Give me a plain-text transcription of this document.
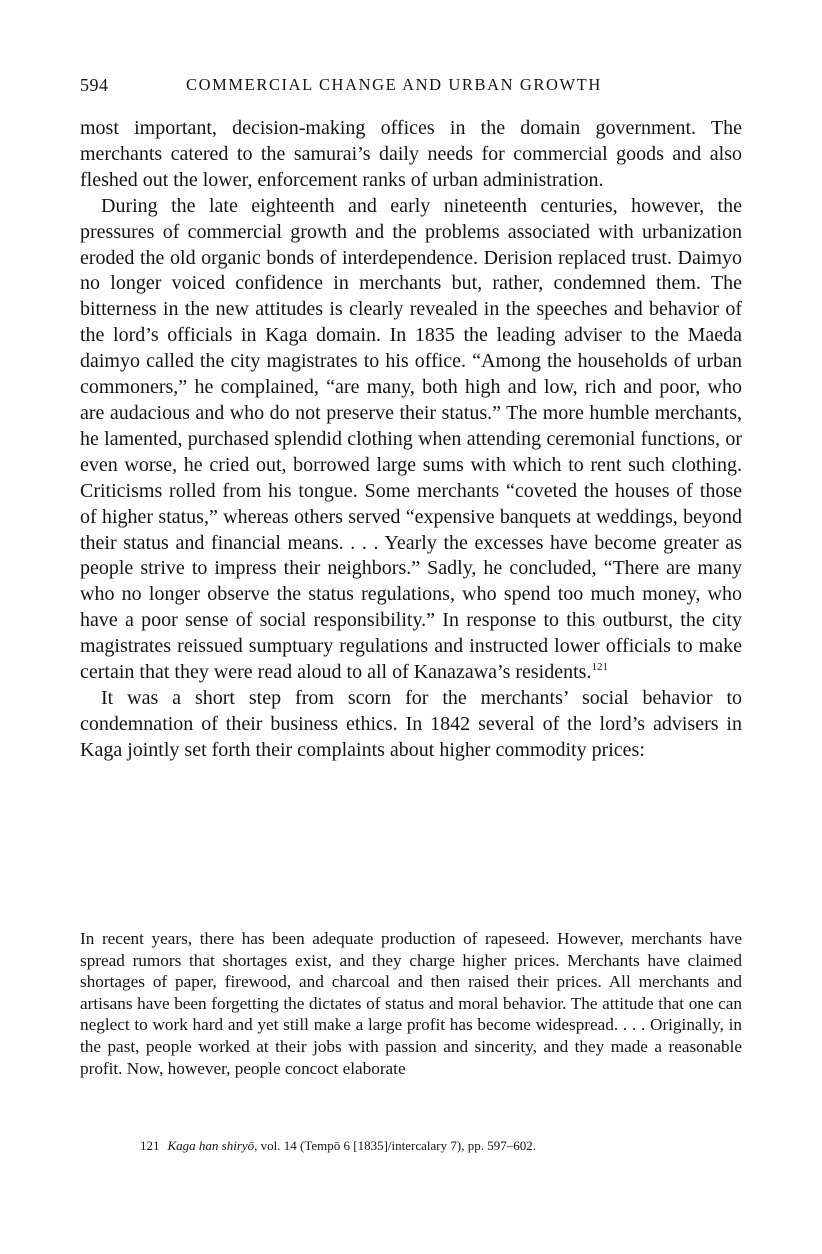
594	COMMERCIAL CHANGE AND URBAN GROWTH

most important, decision-making offices in the domain government. The merchants catered to the samurai’s daily needs for commercial goods and also fleshed out the lower, enforcement ranks of urban administration.

During the late eighteenth and early nineteenth centuries, however, the pressures of commercial growth and the problems associated with urbanization eroded the old organic bonds of interdependence. Derision replaced trust. Daimyo no longer voiced confidence in merchants but, rather, condemned them. The bitterness in the new attitudes is clearly revealed in the speeches and behavior of the lord’s officials in Kaga domain. In 1835 the leading adviser to the Maeda daimyo called the city magistrates to his office. “Among the households of urban commoners,” he complained, “are many, both high and low, rich and poor, who are audacious and who do not preserve their status.” The more humble merchants, he lamented, purchased splendid clothing when attending ceremonial functions, or even worse, he cried out, borrowed large sums with which to rent such clothing. Criticisms rolled from his tongue. Some merchants “coveted the houses of those of higher status,” whereas others served “expensive banquets at weddings, beyond their status and financial means. . . . Yearly the excesses have become greater as people strive to impress their neighbors.” Sadly, he concluded, “There are many who no longer observe the status regulations, who spend too much money, who have a poor sense of social responsibility.” In response to this outburst, the city magistrates reissued sumptuary regulations and instructed lower officials to make certain that they were read aloud to all of Kanazawa’s residents.$^{121}$

It was a short step from scorn for the merchants’ social behavior to condemnation of their business ethics. In 1842 several of the lord’s advisers in Kaga jointly set forth their complaints about higher commodity prices:

In recent years, there has been adequate production of rapeseed. However, merchants have spread rumors that shortages exist, and they charge higher prices. Merchants have claimed shortages of paper, firewood, and charcoal and then raised their prices. All merchants and artisans have been forgetting the dictates of status and moral behavior. The attitude that one can neglect to work hard and yet still make a large profit has become widespread. . . . Originally, in the past, people worked at their jobs with passion and sincerity, and they made a reasonable profit. Now, however, people concoct elaborate

121 Kaga han shiryō, vol. 14 (Tempō 6 [1835]/intercalary 7), pp. 597–602.
